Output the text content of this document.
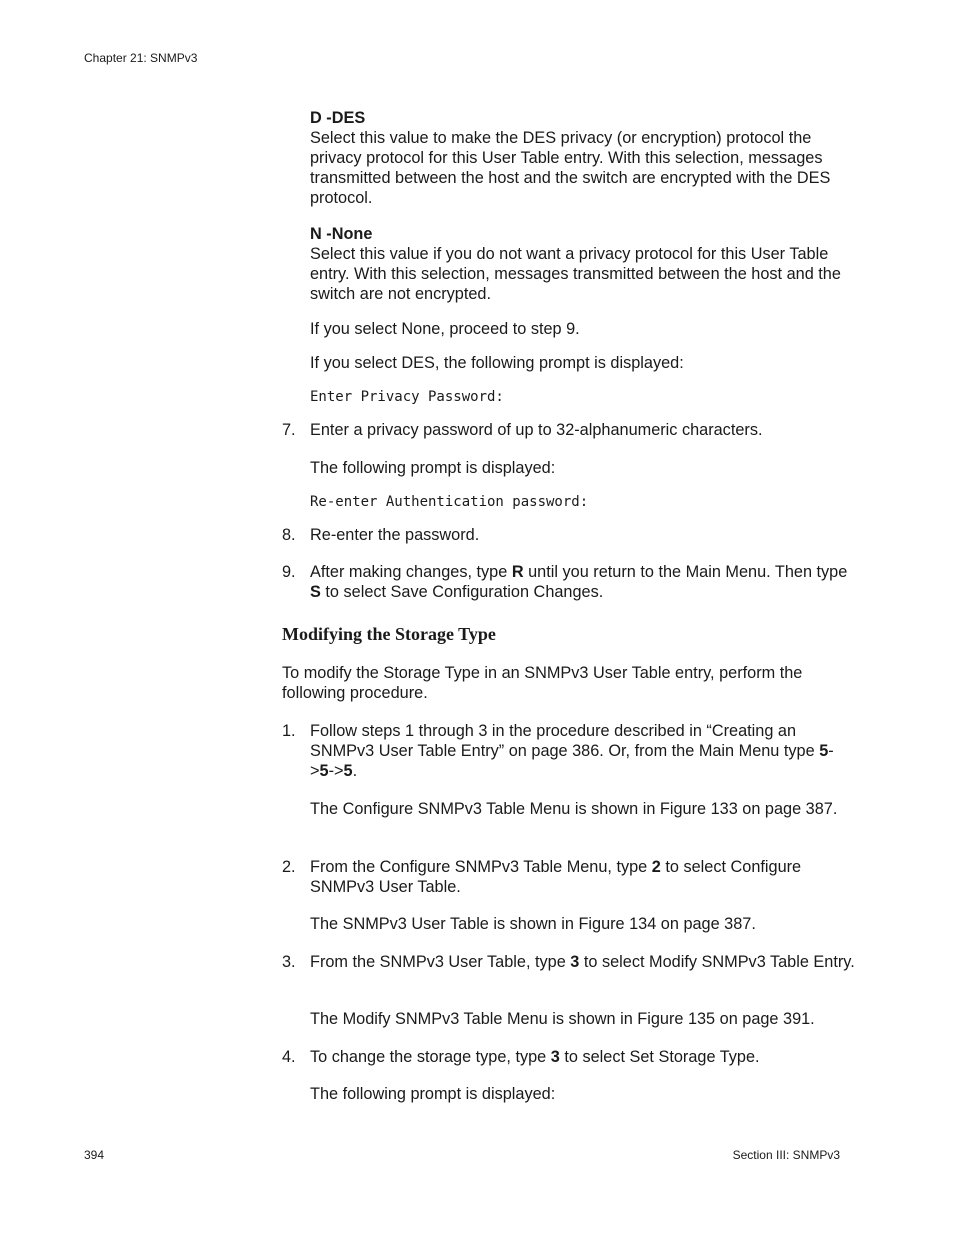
Chapter 21: SNMPv3
D -DES
Select this value to make the DES privacy (or encryption) protocol the privacy protocol for this User Table entry. With this selection, messages transmitted between the host and the switch are encrypted with the DES protocol.
N -None
Select this value if you do not want a privacy protocol for this User Table entry. With this selection, messages transmitted between the host and the switch are not encrypted.

If you select None, proceed to step 9.

If you select DES, the following prompt is displayed:

Enter Privacy Password:

7. Enter a privacy password of up to 32-alphanumeric characters.

The following prompt is displayed:

Re-enter Authentication password:

8. Re-enter the password.

9. After making changes, type R until you return to the Main Menu. Then type S to select Save Configuration Changes.

Modifying the Storage Type

To modify the Storage Type in an SNMPv3 User Table entry, perform the following procedure.

1. Follow steps 1 through 3 in the procedure described in “Creating an SNMPv3 User Table Entry” on page 386. Or, from the Main Menu type 5->5->5.

The Configure SNMPv3 Table Menu is shown in Figure 133 on page 387.

2. From the Configure SNMPv3 Table Menu, type 2 to select Configure SNMPv3 User Table.

The SNMPv3 User Table is shown in Figure 134 on page 387.

3. From the SNMPv3 User Table, type 3 to select Modify SNMPv3 Table Entry.

The Modify SNMPv3 Table Menu is shown in Figure 135 on page 391.

4. To change the storage type, type 3 to select Set Storage Type.

The following prompt is displayed:

394	Section III: SNMPv3
